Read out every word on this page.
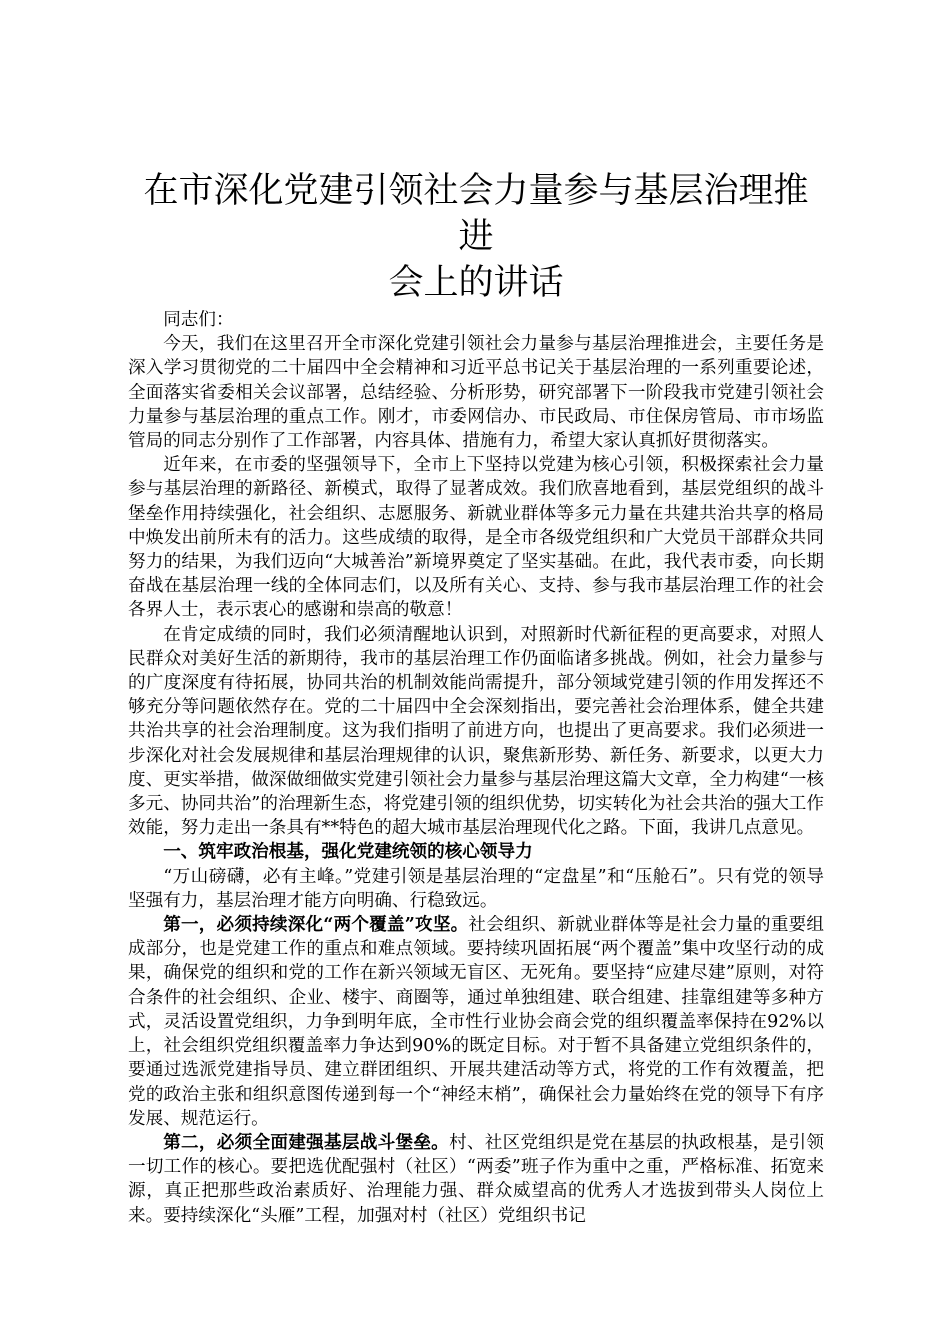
在市深化党建引领社会力量参与基层治理推进
会上的讲话

同志们：

今天，我们在这里召开全市深化党建引领社会力量参与基层治理推进会，主要任务是深入学习贯彻党的二十届四中全会精神和习近平总书记关于基层治理的一系列重要论述，全面落实省委相关会议部署，总结经验、分析形势，研究部署下一阶段我市党建引领社会力量参与基层治理的重点工作。刚才，市委网信办、市民政局、市住保房管局、市市场监管局的同志分别作了工作部署，内容具体、措施有力，希望大家认真抓好贯彻落实。

近年来，在市委的坚强领导下，全市上下坚持以党建为核心引领，积极探索社会力量参与基层治理的新路径、新模式，取得了显著成效。我们欣喜地看到，基层党组织的战斗堡垒作用持续强化，社会组织、志愿服务、新就业群体等多元力量在共建共治共享的格局中焕发出前所未有的活力。这些成绩的取得，是全市各级党组织和广大党员干部群众共同努力的结果，为我们迈向“大城善治”新境界奠定了坚实基础。在此，我代表市委，向长期奋战在基层治理一线的全体同志们，以及所有关心、支持、参与我市基层治理工作的社会各界人士，表示衷心的感谢和崇高的敬意！

在肯定成绩的同时，我们必须清醒地认识到，对照新时代新征程的更高要求，对照人民群众对美好生活的新期待，我市的基层治理工作仍面临诸多挑战。例如，社会力量参与的广度深度有待拓展，协同共治的机制效能尚需提升，部分领域党建引领的作用发挥还不够充分等问题依然存在。党的二十届四中全会深刻指出，要完善社会治理体系，健全共建共治共享的社会治理制度。这为我们指明了前进方向，也提出了更高要求。我们必须进一步深化对社会发展规律和基层治理规律的认识，聚焦新形势、新任务、新要求，以更大力度、更实举措，做深做细做实党建引领社会力量参与基层治理这篇大文章，全力构建“一核多元、协同共治”的治理新生态，将党建引领的组织优势，切实转化为社会共治的强大工作效能，努力走出一条具有**特色的超大城市基层治理现代化之路。下面，我讲几点意见。

一、筑牢政治根基，强化党建统领的核心领导力

“万山磅礴，必有主峰。”党建引领是基层治理的“定盘星”和“压舱石”。只有党的领导坚强有力，基层治理才能方向明确、行稳致远。

第一，必须持续深化“两个覆盖”攻坚。社会组织、新就业群体等是社会力量的重要组成部分，也是党建工作的重点和难点领域。要持续巩固拓展“两个覆盖”集中攻坚行动的成果，确保党的组织和党的工作在新兴领域无盲区、无死角。要坚持“应建尽建”原则，对符合条件的社会组织、企业、楼宇、商圈等，通过单独组建、联合组建、挂靠组建等多种方式，灵活设置党组织，力争到明年底，全市性行业协会商会党的组织覆盖率保持在92%以上，社会组织党组织覆盖率力争达到90%的既定目标。对于暂不具备建立党组织条件的，要通过选派党建指导员、建立群团组织、开展共建活动等方式，将党的工作有效覆盖，把党的政治主张和组织意图传递到每一个“神经末梢”，确保社会力量始终在党的领导下有序发展、规范运行。

第二，必须全面建强基层战斗堡垒。村、社区党组织是党在基层的执政根基，是引领一切工作的核心。要把选优配强村（社区）“两委”班子作为重中之重，严格标准、拓宽来源，真正把那些政治素质好、治理能力强、群众威望高的优秀人才选拔到带头人岗位上来。要持续深化“头雁”工程，加强对村（社区）党组织书记
